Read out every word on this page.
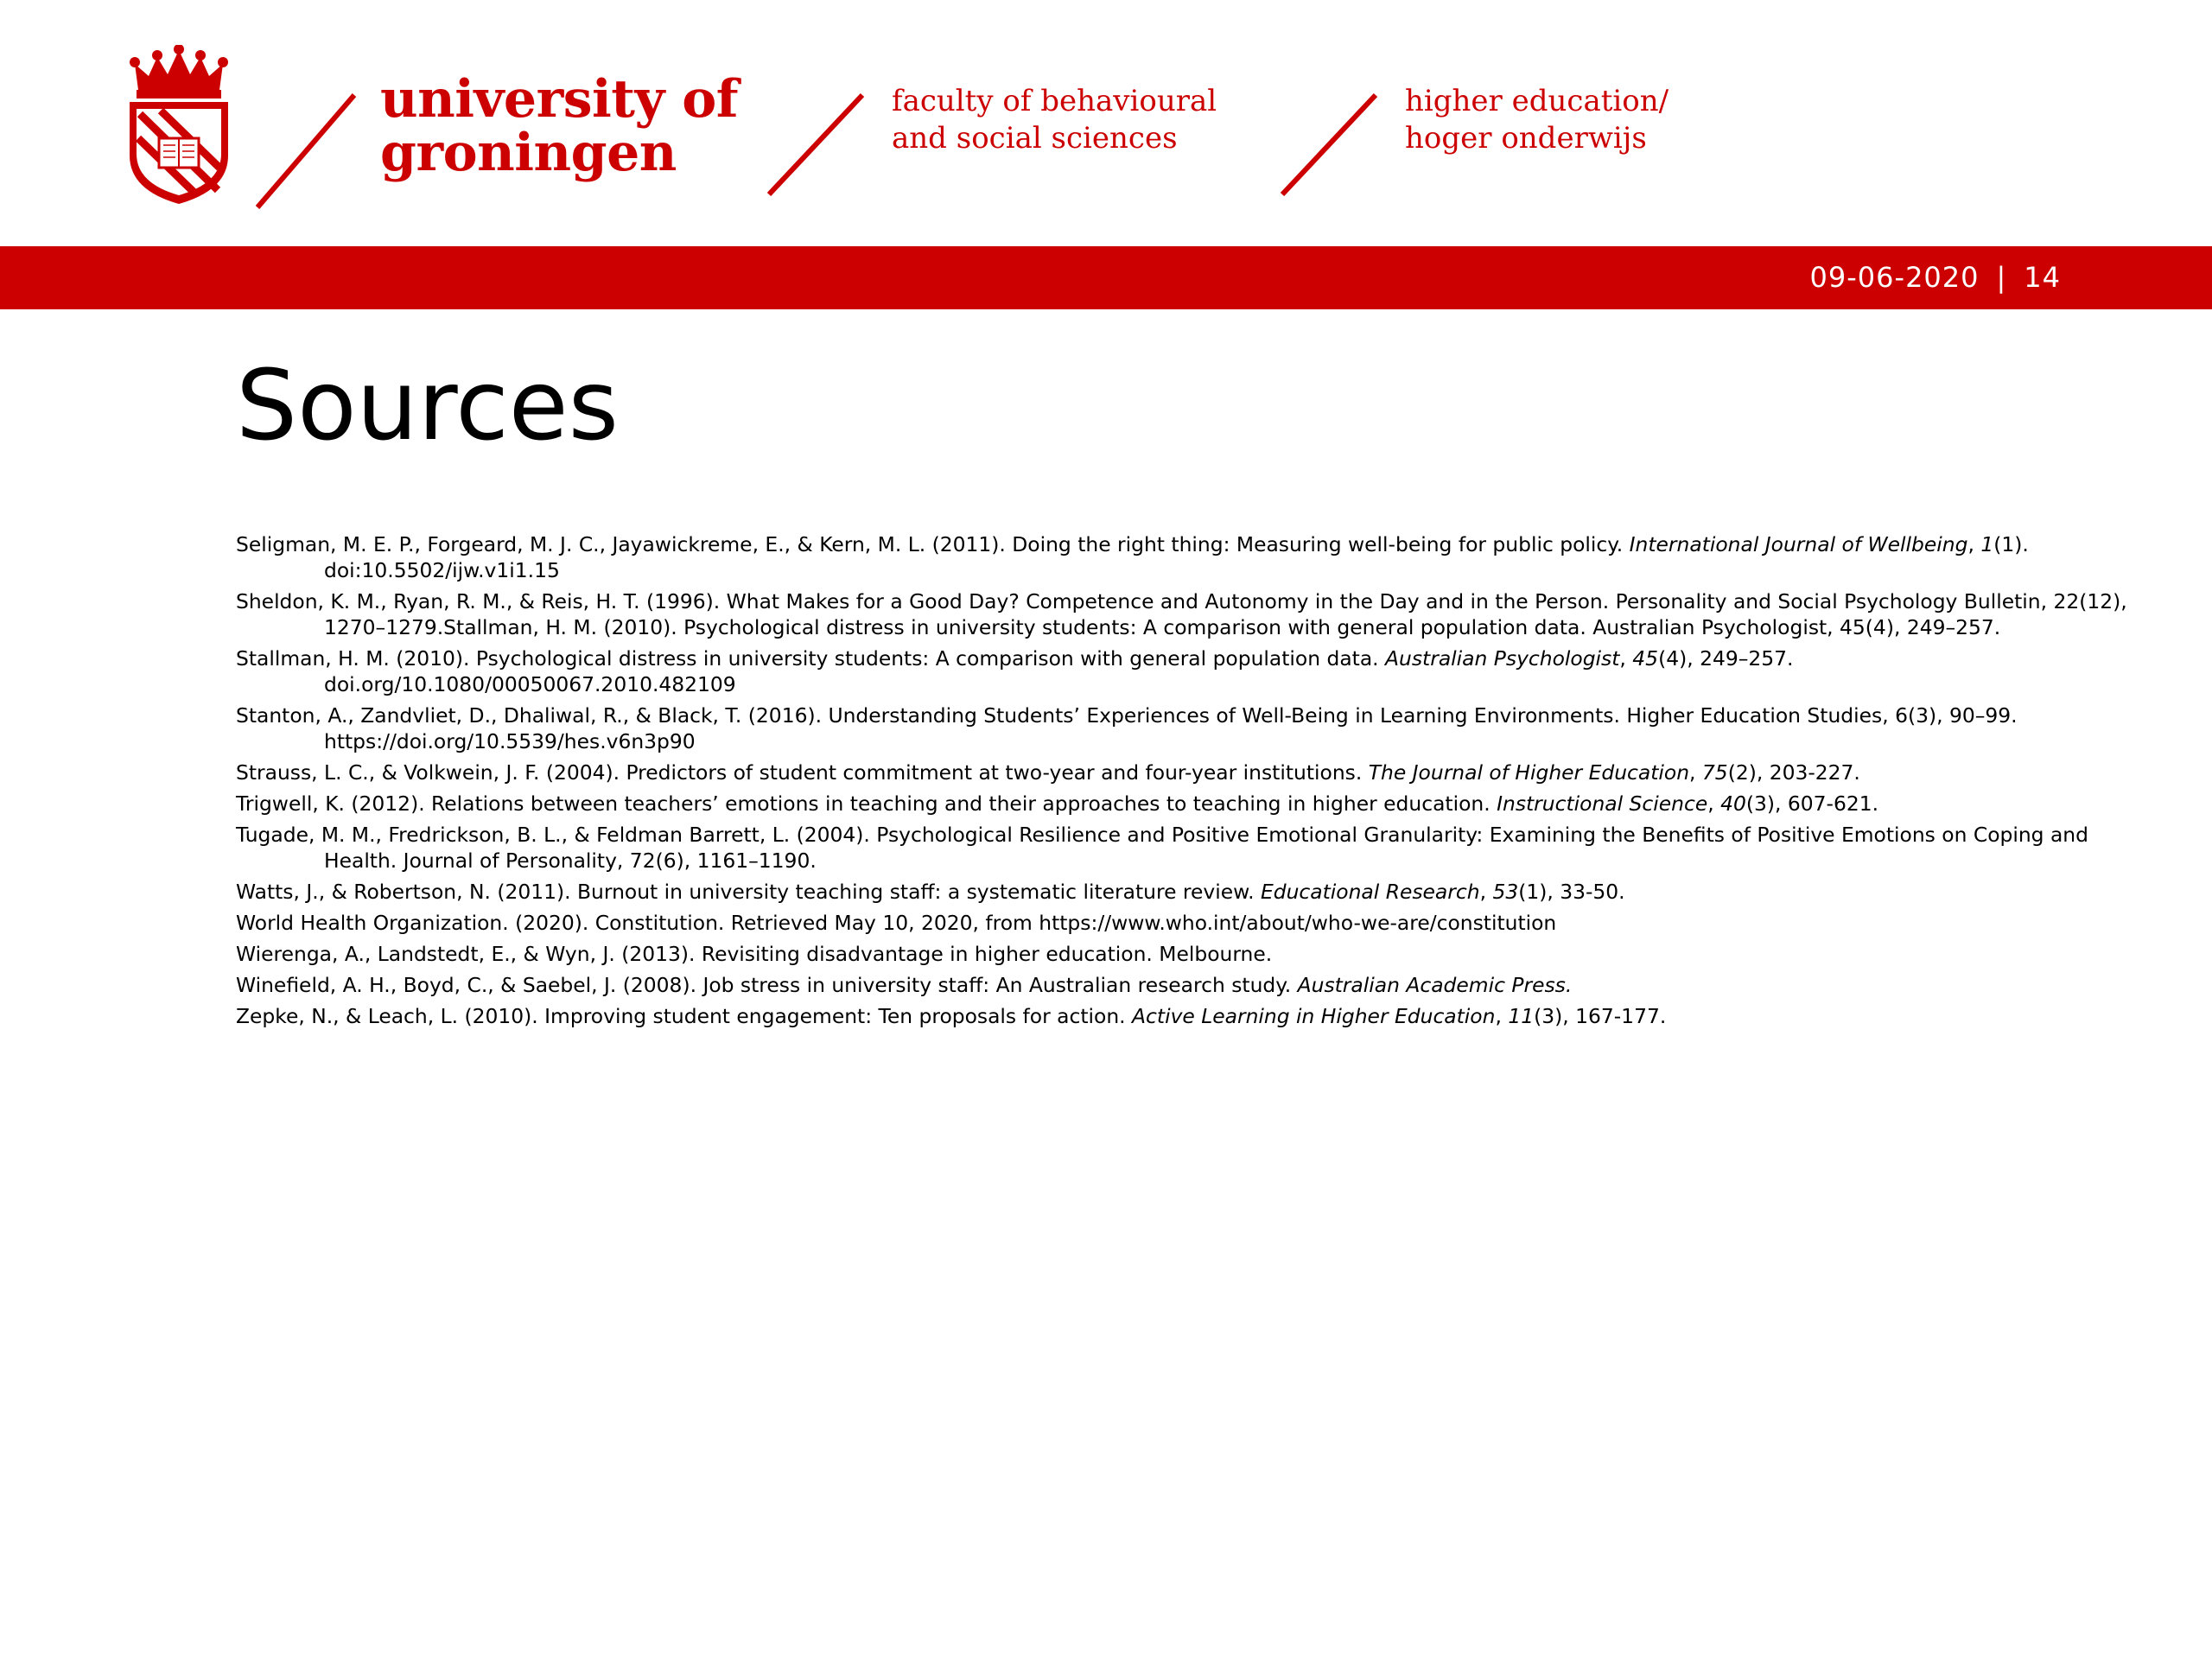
university of
groningen
faculty of behavioural
and social sciences
higher education/
hoger onderwijs
09-06-2020 | 14
Sources
Seligman, M. E. P., Forgeard, M. J. C., Jayawickreme, E., & Kern, M. L. (2011). Doing the right thing: Measuring well-being for public policy. International Journal of Wellbeing, 1(1). doi:10.5502/ijw.v1i1.15
Sheldon, K. M., Ryan, R. M., & Reis, H. T. (1996). What Makes for a Good Day? Competence and Autonomy in the Day and in the Person. Personality and Social Psychology Bulletin, 22(12), 1270–1279.Stallman, H. M. (2010). Psychological distress in university students: A comparison with general population data. Australian Psychologist, 45(4), 249–257.
Stallman, H. M. (2010). Psychological distress in university students: A comparison with general population data. Australian Psychologist, 45(4), 249–257. doi.org/10.1080/00050067.2010.482109
Stanton, A., Zandvliet, D., Dhaliwal, R., & Black, T. (2016). Understanding Students’ Experiences of Well-Being in Learning Environments. Higher Education Studies, 6(3), 90–99. https://doi.org/10.5539/hes.v6n3p90
Strauss, L. C., & Volkwein, J. F. (2004). Predictors of student commitment at two-year and four-year institutions. The Journal of Higher Education, 75(2), 203-227.
Trigwell, K. (2012). Relations between teachers’ emotions in teaching and their approaches to teaching in higher education. Instructional Science, 40(3), 607-621.
Tugade, M. M., Fredrickson, B. L., & Feldman Barrett, L. (2004). Psychological Resilience and Positive Emotional Granularity: Examining the Benefits of Positive Emotions on Coping and Health. Journal of Personality, 72(6), 1161–1190.
Watts, J., & Robertson, N. (2011). Burnout in university teaching staff: a systematic literature review. Educational Research, 53(1), 33-50.
World Health Organization. (2020). Constitution. Retrieved May 10, 2020, from https://www.who.int/about/who-we-are/constitution
Wierenga, A., Landstedt, E., & Wyn, J. (2013). Revisiting disadvantage in higher education. Melbourne.
Winefield, A. H., Boyd, C., & Saebel, J. (2008). Job stress in university staff: An Australian research study. Australian Academic Press.
Zepke, N., & Leach, L. (2010). Improving student engagement: Ten proposals for action. Active Learning in Higher Education, 11(3), 167-177.
